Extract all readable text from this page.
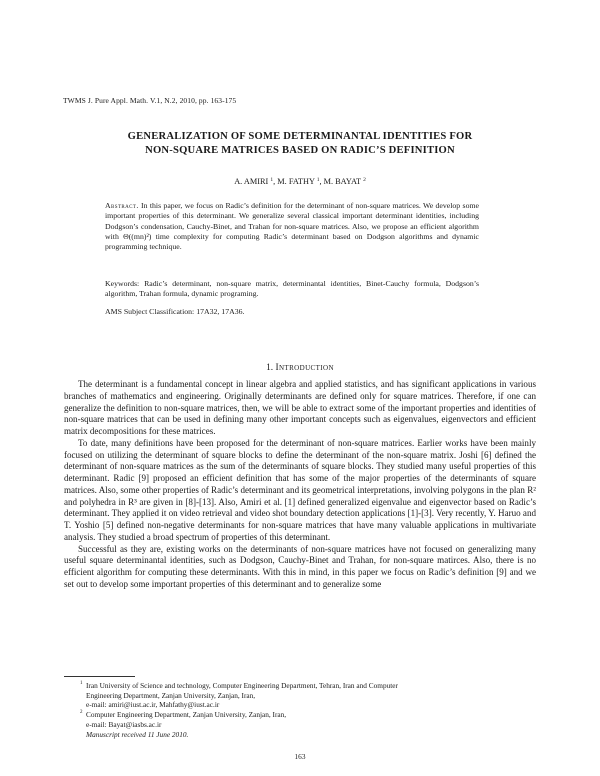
TWMS J. Pure Appl. Math. V.1, N.2, 2010, pp. 163-175
GENERALIZATION OF SOME DETERMINANTAL IDENTITIES FOR
NON-SQUARE MATRICES BASED ON RADIC’S DEFINITION
A. AMIRI $^1$, M. FATHY $^1$, M. BAYAT $^2$
Abstract. In this paper, we focus on Radic’s definition for the determinant of non-square matrices. We develop some important properties of this determinant. We generalize several classical important determinant identities, including Dodgson’s condensation, Cauchy-Binet, and Trahan for non-square matrices. Also, we propose an efficient algorithm with Θ((mn)²) time complexity for computing Radic’s determinant based on Dodgson algorithms and dynamic programming technique.
Keywords: Radic’s determinant, non-square matrix, determinantal identities, Binet-Cauchy formula, Dodgson’s algorithm, Trahan formula, dynamic programing.
AMS Subject Classification: 17A32, 17A36.
1. Introduction

The determinant is a fundamental concept in linear algebra and applied statistics, and has significant applications in various branches of mathematics and engineering. Originally determinants are defined only for square matrices. Therefore, if one can generalize the definition to non-square matrices, then, we will be able to extract some of the important properties and identities of non-square matrices that can be used in defining many other important concepts such as eigenvalues, eigenvectors and efficient matrix decompositions for these matrices.

To date, many definitions have been proposed for the determinant of non-square matrices. Earlier works have been mainly focused on utilizing the determinant of square blocks to define the determinant of the non-square matrix. Joshi [6] defined the determinant of non-square matrices as the sum of the determinants of square blocks. They studied many useful properties of this determinant. Radic [9] proposed an efficient definition that has some of the major properties of the determinants of square matrices. Also, some other properties of Radic’s determinant and its geometrical interpretations, involving polygons in the plan R² and polyhedra in R³ are given in [8]-[13]. Also, Amiri et al. [1] defined generalized eigenvalue and eigenvector based on Radic’s determinant. They applied it on video retrieval and video shot boundary detection applications [1]-[3]. Very recently, Y. Haruo and T. Yoshio [5] defined non-negative determinants for non-square matrices that have many valuable applications in multivariate analysis. They studied a broad spectrum of properties of this determinant.

Successful as they are, existing works on the determinants of non-square matrices have not focused on generalizing many useful square determinantal identities, such as Dodgson, Cauchy-Binet and Trahan, for non-square matirces. Also, there is no efficient algorithm for computing these determinants. With this in mind, in this paper we focus on Radic’s definition [9] and we set out to develop some important properties of this determinant and to generalize some

1 Iran University of Science and technology, Computer Engineering Department, Tehran, Iran and Computer
Engineering Department, Zanjan University, Zanjan, Iran,
e-mail: amiri@iust.ac.ir, Mahfathy@iust.ac.ir
2 Computer Engineering Department, Zanjan University, Zanjan, Iran,
e-mail: Bayat@iasbs.ac.ir
Manuscript received 11 June 2010.
163
